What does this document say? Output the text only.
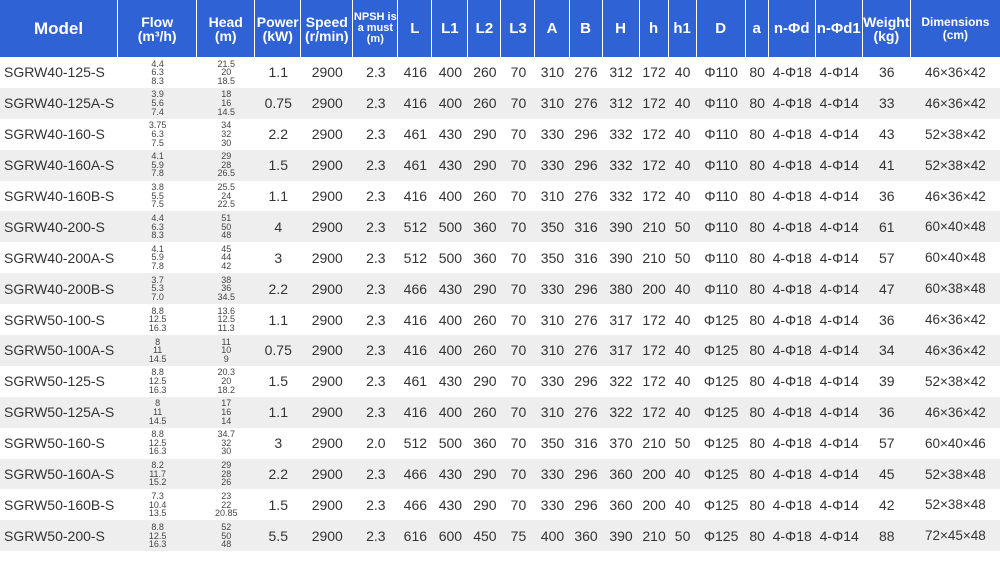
Model	Flow
(m³/h)	Head
(m)	Power
(kW)	Speed
(r/min)	NPSH is
a must
(m)	L	L1	L2	L3	A	B	H	h	h1	D	a	n-Φd	n-Φd1	Weight
(kg)	Dimensions
(cm)

SGRW40-125-S	4.4
6.3
8.3	21.5
20
18.5	1.1	2900	2.3	416	400	260	70	310	276	312	172	40	Φ110	80	4-Φ18	4-Φ14	36	46×36×42
SGRW40-125A-S	3.9
5.6
7.4	18
16
14.5	0.75	2900	2.3	416	400	260	70	310	276	312	172	40	Φ110	80	4-Φ18	4-Φ14	33	46×36×42
SGRW40-160-S	3.75
6.3
7.5	34
32
30	2.2	2900	2.3	461	430	290	70	330	296	332	172	40	Φ110	80	4-Φ18	4-Φ14	43	52×38×42
SGRW40-160A-S	4.1
5.9
7.8	29
28
26.5	1.5	2900	2.3	461	430	290	70	330	296	332	172	40	Φ110	80	4-Φ18	4-Φ14	41	52×38×42
SGRW40-160B-S	3.8
5.5
7.5	25.5
24
22.5	1.1	2900	2.3	416	400	260	70	310	276	332	172	40	Φ110	80	4-Φ18	4-Φ14	36	46×36×42
SGRW40-200-S	4.4
6.3
8.3	51
50
48	4	2900	2.3	512	500	360	70	350	316	390	210	50	Φ110	80	4-Φ18	4-Φ14	61	60×40×48
SGRW40-200A-S	4.1
5.9
7.8	45
44
42	3	2900	2.3	512	500	360	70	350	316	390	210	50	Φ110	80	4-Φ18	4-Φ14	57	60×40×48
SGRW40-200B-S	3.7
5.3
7.0	38
36
34.5	2.2	2900	2.3	466	430	290	70	330	296	380	200	40	Φ110	80	4-Φ18	4-Φ14	47	60×38×48
SGRW50-100-S	8.8
12.5
16.3	13.6
12.5
11.3	1.1	2900	2.3	416	400	260	70	310	276	317	172	40	Φ125	80	4-Φ18	4-Φ14	36	46×36×42
SGRW50-100A-S	8
11
14.5	11
10
9	0.75	2900	2.3	416	400	260	70	310	276	317	172	40	Φ125	80	4-Φ18	4-Φ14	34	46×36×42
SGRW50-125-S	8.8
12.5
16.3	20.3
20
18.2	1.5	2900	2.3	461	430	290	70	330	296	322	172	40	Φ125	80	4-Φ18	4-Φ14	39	52×38×42
SGRW50-125A-S	8
11
14.5	17
16
14	1.1	2900	2.3	416	400	260	70	310	276	322	172	40	Φ125	80	4-Φ18	4-Φ14	36	46×36×42
SGRW50-160-S	8.8
12.5
16.3	34.7
32
30	3	2900	2.0	512	500	360	70	350	316	370	210	50	Φ125	80	4-Φ18	4-Φ14	57	60×40×46
SGRW50-160A-S	8.2
11.7
15.2	29
28
26	2.2	2900	2.3	466	430	290	70	330	296	360	200	40	Φ125	80	4-Φ18	4-Φ14	45	52×38×48
SGRW50-160B-S	7.3
10.4
13.5	23
22
20.85	1.5	2900	2.3	466	430	290	70	330	296	360	200	40	Φ125	80	4-Φ18	4-Φ14	42	52×38×48
SGRW50-200-S	8.8
12.5
16.3	52
50
48	5.5	2900	2.3	616	600	450	75	400	360	390	210	50	Φ125	80	4-Φ18	4-Φ14	88	72×45×48
